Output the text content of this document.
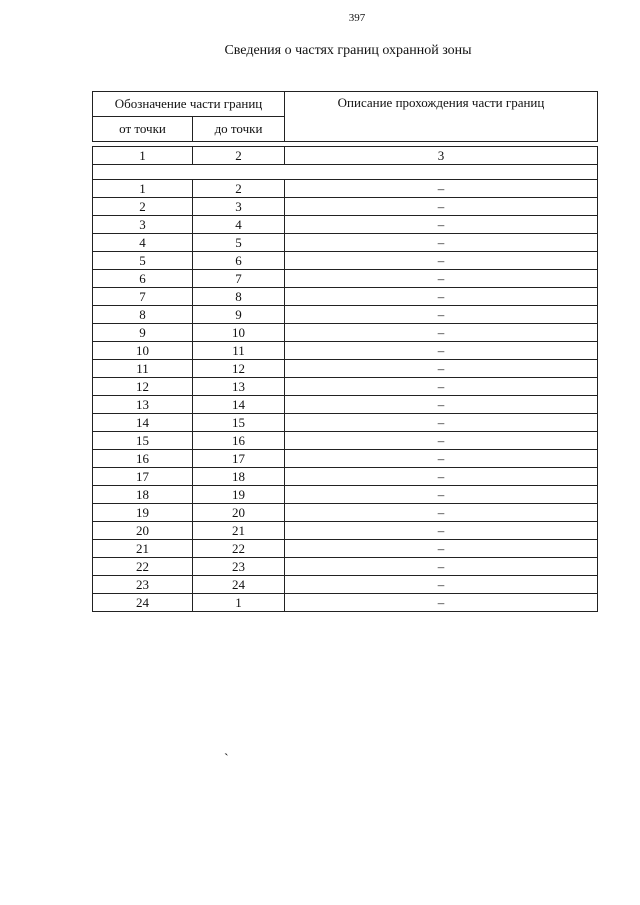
397
Сведения о частях границ охранной зоны
Обозначение части границ		Описание прохождения части границ
от точки	до точки	

1	2	3

1	2	–
2	3	–
3	4	–
4	5	–
5	6	–
6	7	–
7	8	–
8	9	–
9	10	–
10	11	–
11	12	–
12	13	–
13	14	–
14	15	–
15	16	–
16	17	–
17	18	–
18	19	–
19	20	–
20	21	–
21	22	–
22	23	–
23	24	–
24	1	–
`
